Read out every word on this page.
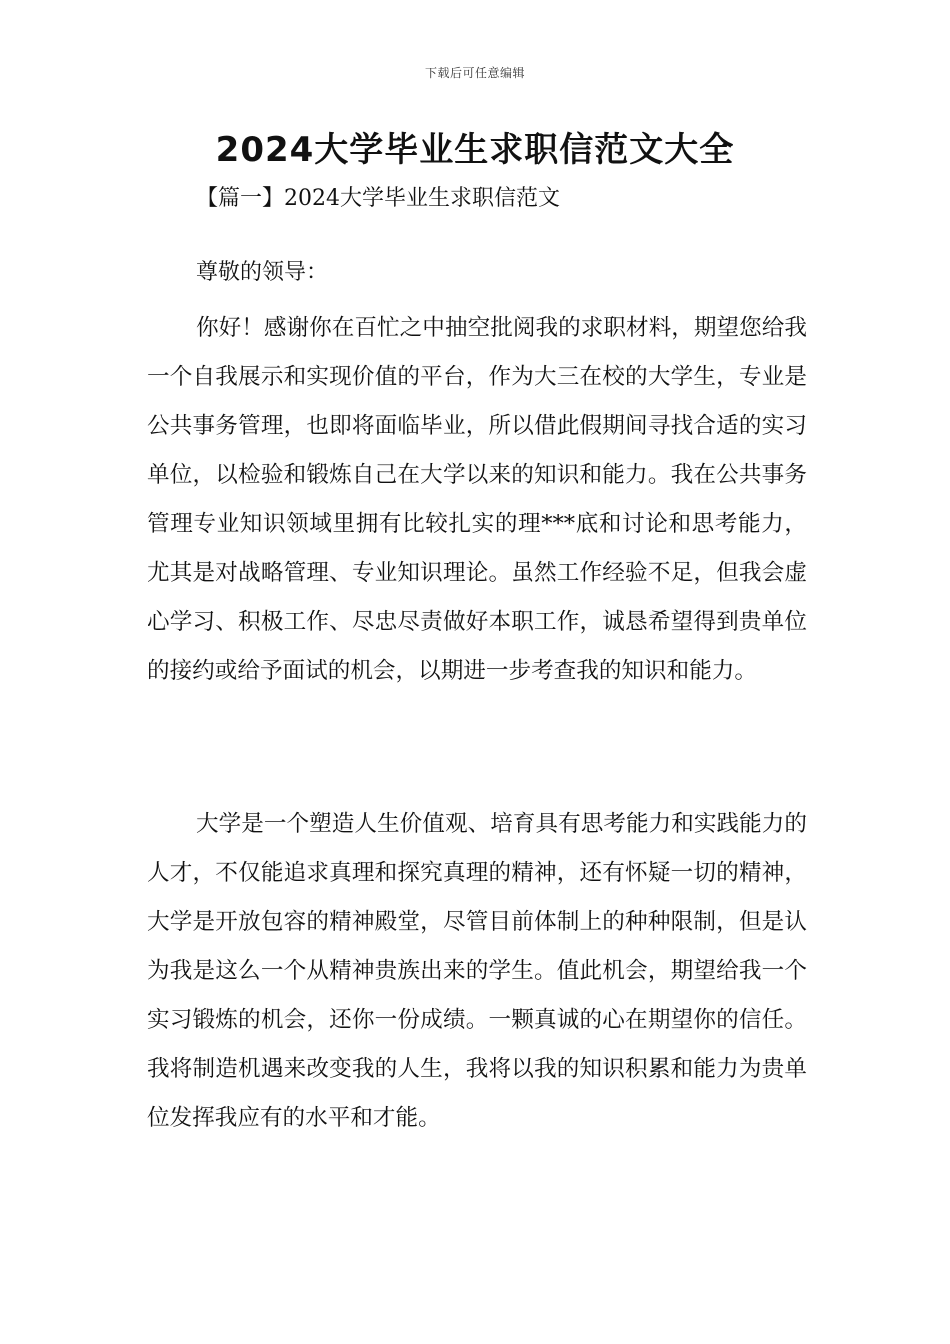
下载后可任意编辑
2024大学毕业生求职信范文大全

【篇一】2024大学毕业生求职信范文

尊敬的领导：

你好！感谢你在百忙之中抽空批阅我的求职材料，期望您给我一个自我展示和实现价值的平台，作为大三在校的大学生，专业是公共事务管理，也即将面临毕业，所以借此假期间寻找合适的实习单位，以检验和锻炼自己在大学以来的知识和能力。我在公共事务管理专业知识领域里拥有比较扎实的理***底和讨论和思考能力，尤其是对战略管理、专业知识理论。虽然工作经验不足，但我会虚心学习、积极工作、尽忠尽责做好本职工作，诚恳希望得到贵单位的接约或给予面试的机会，以期进一步考查我的知识和能力。

大学是一个塑造人生价值观、培育具有思考能力和实践能力的人才，不仅能追求真理和探究真理的精神，还有怀疑一切的精神，大学是开放包容的精神殿堂，尽管目前体制上的种种限制，但是认为我是这么一个从精神贵族出来的学生。值此机会，期望给我一个实习锻炼的机会，还你一份成绩。一颗真诚的心在期望你的信任。我将制造机遇来改变我的人生，我将以我的知识积累和能力为贵单位发挥我应有的水平和才能。
